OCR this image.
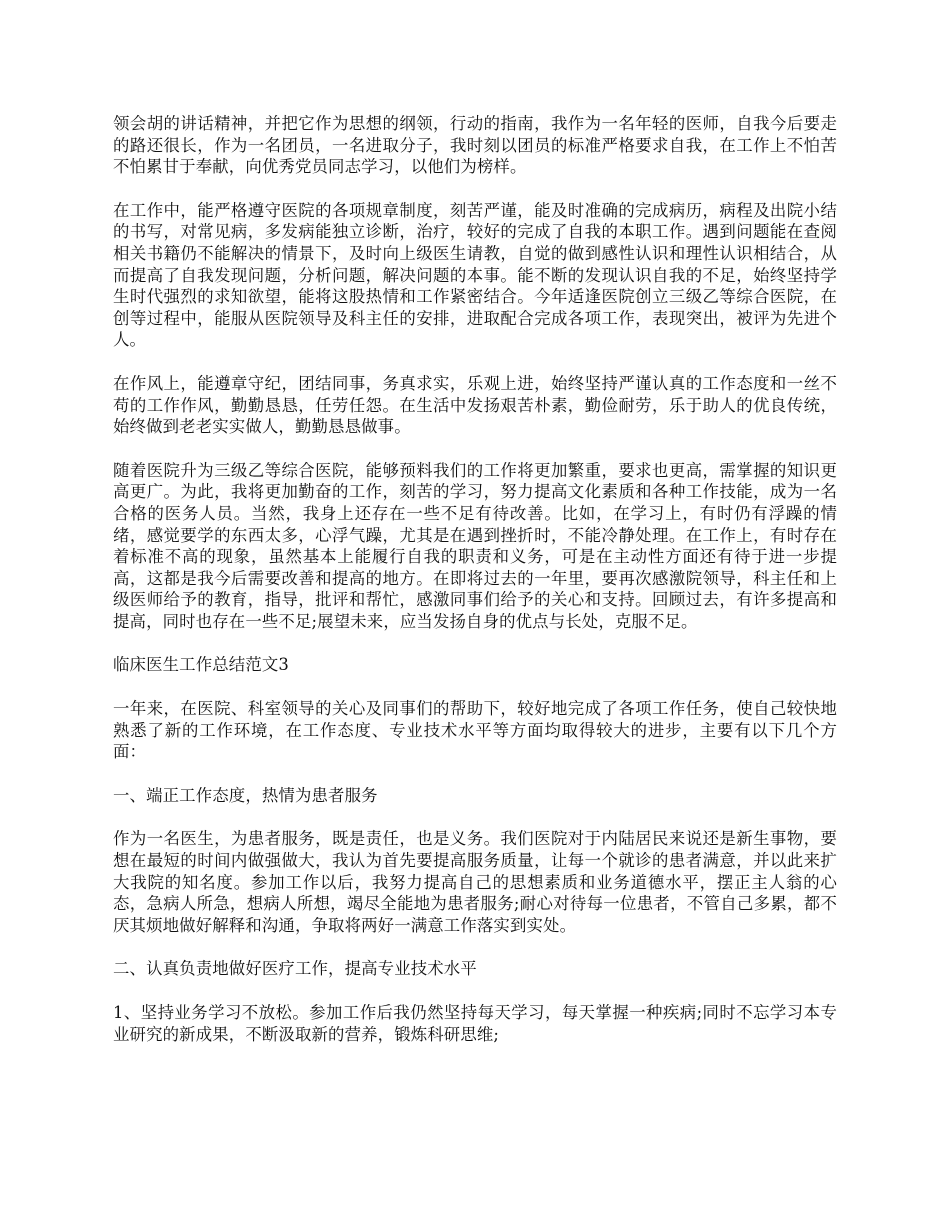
领会胡的讲话精神，并把它作为思想的纲领，行动的指南，我作为一名年轻的医师，自我今后要走的路还很长，作为一名团员，一名进取分子，我时刻以团员的标准严格要求自我，在工作上不怕苦不怕累甘于奉献，向优秀党员同志学习，以他们为榜样。

在工作中，能严格遵守医院的各项规章制度，刻苦严谨，能及时准确的完成病历，病程及出院小结的书写，对常见病，多发病能独立诊断，治疗，较好的完成了自我的本职工作。遇到问题能在查阅相关书籍仍不能解决的情景下，及时向上级医生请教，自觉的做到感性认识和理性认识相结合，从而提高了自我发现问题，分析问题，解决问题的本事。能不断的发现认识自我的不足，始终坚持学生时代强烈的求知欲望，能将这股热情和工作紧密结合。今年适逢医院创立三级乙等综合医院，在创等过程中，能服从医院领导及科主任的安排，进取配合完成各项工作，表现突出，被评为先进个人。

在作风上，能遵章守纪，团结同事，务真求实，乐观上进，始终坚持严谨认真的工作态度和一丝不苟的工作作风，勤勤恳恳，任劳任怨。在生活中发扬艰苦朴素，勤俭耐劳，乐于助人的优良传统，始终做到老老实实做人，勤勤恳恳做事。

随着医院升为三级乙等综合医院，能够预料我们的工作将更加繁重，要求也更高，需掌握的知识更高更广。为此，我将更加勤奋的工作，刻苦的学习，努力提高文化素质和各种工作技能，成为一名合格的医务人员。当然，我身上还存在一些不足有待改善。比如，在学习上，有时仍有浮躁的情绪，感觉要学的东西太多，心浮气躁，尤其是在遇到挫折时，不能冷静处理。在工作上，有时存在着标准不高的现象，虽然基本上能履行自我的职责和义务，可是在主动性方面还有待于进一步提高，这都是我今后需要改善和提高的地方。在即将过去的一年里，要再次感激院领导，科主任和上级医师给予的教育，指导，批评和帮忙，感激同事们给予的关心和支持。回顾过去，有许多提高和提高，同时也存在一些不足;展望未来，应当发扬自身的优点与长处，克服不足。

临床医生工作总结范文3

一年来，在医院、科室领导的关心及同事们的帮助下，较好地完成了各项工作任务，使自己较快地熟悉了新的工作环境，在工作态度、专业技术水平等方面均取得较大的进步，主要有以下几个方面：

一、端正工作态度，热情为患者服务

作为一名医生，为患者服务，既是责任，也是义务。我们医院对于内陆居民来说还是新生事物，要想在最短的时间内做强做大，我认为首先要提高服务质量，让每一个就诊的患者满意，并以此来扩大我院的知名度。参加工作以后，我努力提高自己的思想素质和业务道德水平，摆正主人翁的心态，急病人所急，想病人所想，竭尽全能地为患者服务;耐心对待每一位患者，不管自己多累，都不厌其烦地做好解释和沟通，争取将两好一满意工作落实到实处。

二、认真负责地做好医疗工作，提高专业技术水平

1、坚持业务学习不放松。参加工作后我仍然坚持每天学习，每天掌握一种疾病;同时不忘学习本专业研究的新成果，不断汲取新的营养，锻炼科研思维;
